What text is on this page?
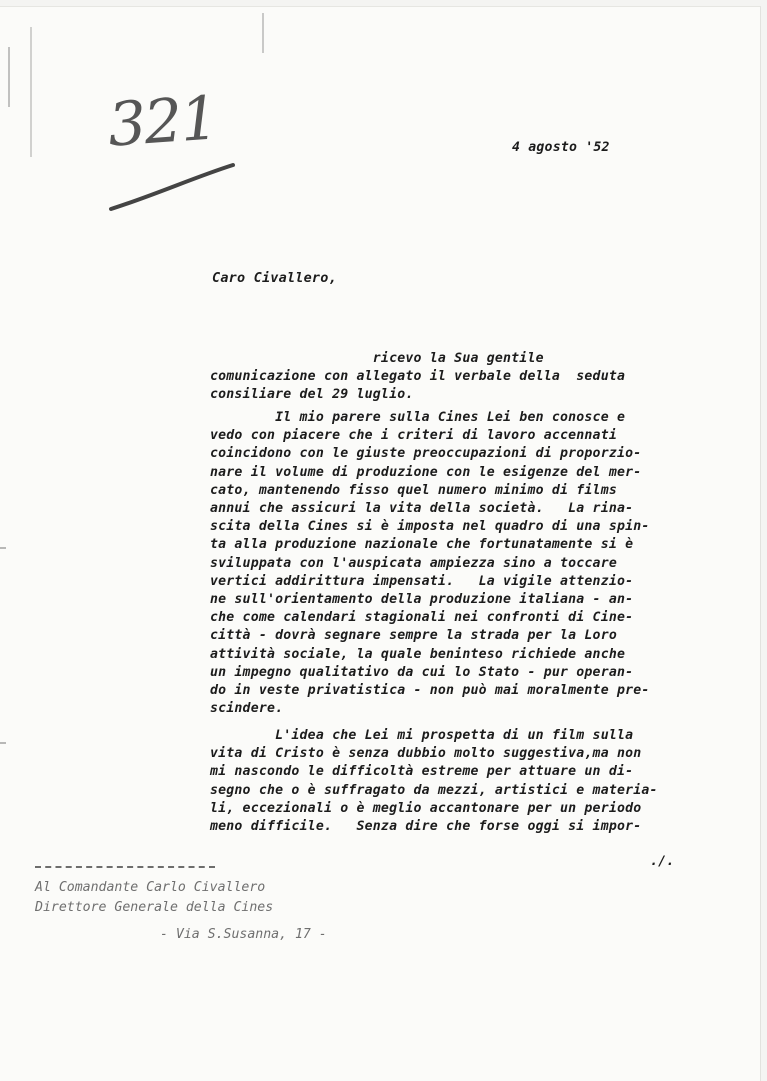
321	4 agosto '52

Caro Civallero,

ricevo la Sua gentile
comunicazione con allegato il verbale della  seduta
consiliare del 29 luglio.

Il mio parere sulla Cines Lei ben conosce e
vedo con piacere che i criteri di lavoro accennati
coincidono con le giuste preoccupazioni di proporzio-
nare il volume di produzione con le esigenze del mer-
cato, mantenendo fisso quel numero minimo di films
annui che assicuri la vita della società.   La rina-
scita della Cines si è imposta nel quadro di una spin-
ta alla produzione nazionale che fortunatamente si è
sviluppata con l'auspicata ampiezza sino a toccare
vertici addirittura impensati.   La vigile attenzio-
ne sull'orientamento della produzione italiana - an-
che come calendari stagionali nei confronti di Cine-
città - dovrà segnare sempre la strada per la Loro
attività sociale, la quale beninteso richiede anche
un impegno qualitativo da cui lo Stato - pur operan-
do in veste privatistica - non può mai moralmente pre-
scindere.

L'idea che Lei mi prospetta di un film sulla
vita di Cristo è senza dubbio molto suggestiva,ma non
mi nascondo le difficoltà estreme per attuare un di-
segno che o è suffragato da mezzi, artistici e materia-
li, eccezionali o è meglio accantonare per un periodo
meno difficile.   Senza dire che forse oggi si impor-

./.

Al Comandante Carlo Civallero

Direttore Generale della Cines

- Via S.Susanna, 17 -
